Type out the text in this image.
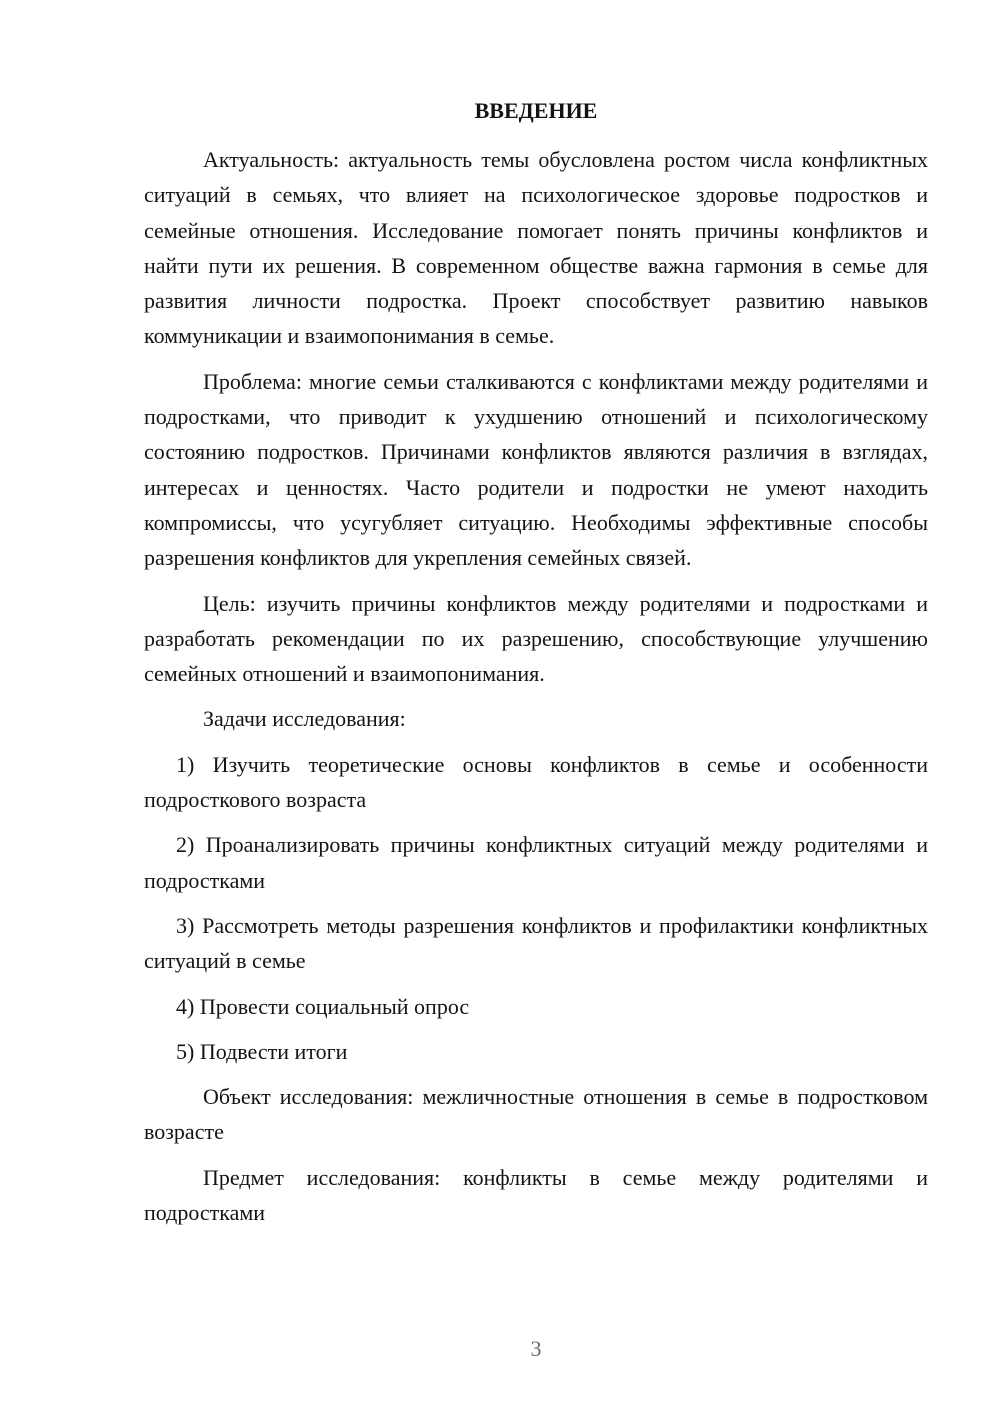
ВВЕДЕНИЕ

Актуальность: актуальность темы обусловлена ростом числа конфликтных ситуаций в семьях, что влияет на психологическое здоровье подростков и семейные отношения. Исследование помогает понять причины конфликтов и найти пути их решения. В современном обществе важна гармония в семье для развития личности подростка. Проект способствует развитию навыков коммуникации и взаимопонимания в семье.

Проблема: многие семьи сталкиваются с конфликтами между родителями и подростками, что приводит к ухудшению отношений и психологическому состоянию подростков. Причинами конфликтов являются различия в взглядах, интересах и ценностях. Часто родители и подростки не умеют находить компромиссы, что усугубляет ситуацию. Необходимы эффективные способы разрешения конфликтов для укрепления семейных связей.

Цель: изучить причины конфликтов между родителями и подростками и разработать рекомендации по их разрешению, способствующие улучшению семейных отношений и взаимопонимания.

Задачи исследования:

1) Изучить теоретические основы конфликтов в семье и особенности подросткового возраста

2) Проанализировать причины конфликтных ситуаций между родителями и подростками

3) Рассмотреть методы разрешения конфликтов и профилактики конфликтных ситуаций в семье

4) Провести социальный опрос

5) Подвести итоги

Объект исследования: межличностные отношения в семье в подростковом возрасте

Предмет исследования: конфликты в семье между родителями и подростками

3
